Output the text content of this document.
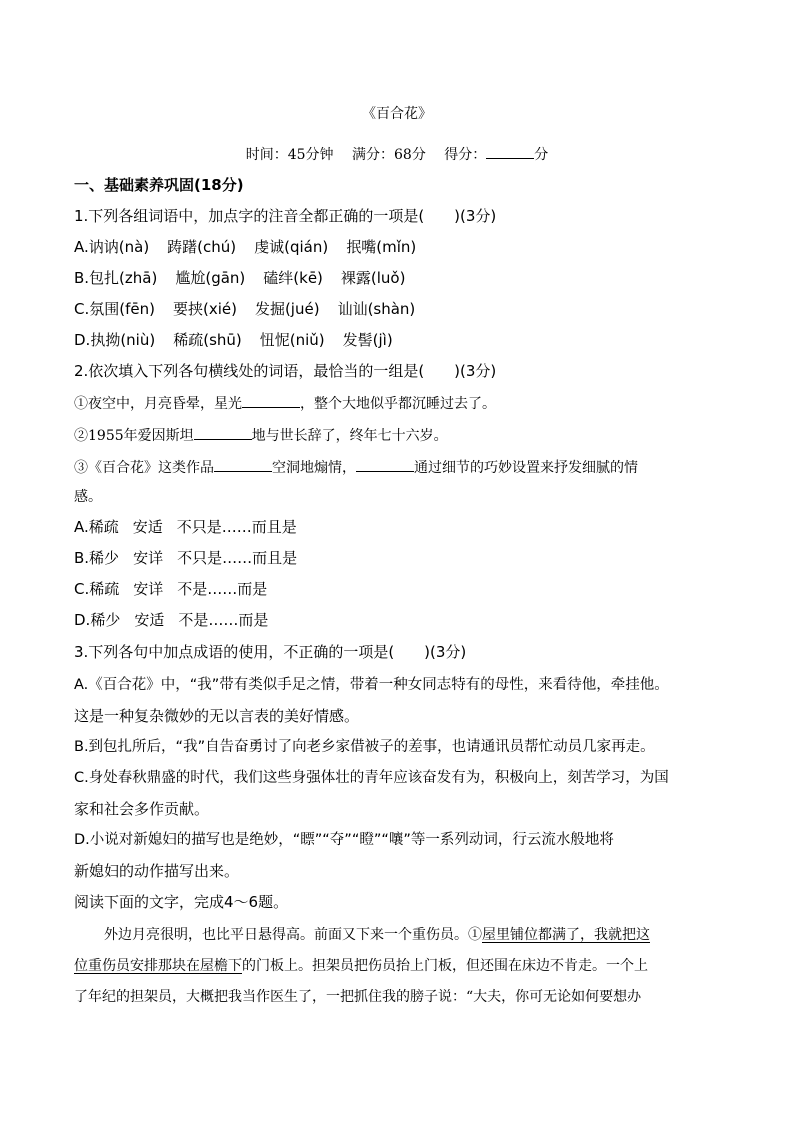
《百合花》
时间：45分钟　 满分：68分　 得分：	分
一、基础素养巩固(18分)
1.下列各组词语中，加点字的注音全都正确的一项是(　　)(3分)
A.讷讷(nà) 踌躇(chú) 虔诚(qián) 抿嘴(mǐn)
B.包扎(zhā) 尴尬(gān) 磕绊(kē) 裸露(luǒ)
C.氛围(fēn) 要挟(xié) 发掘(jué) 讪讪(shàn)
D.执拗(niù) 稀疏(shū) 忸怩(niǔ) 发髻(jì)
2.依次填入下列各句横线处的词语，最恰当的一组是(　　)(3分)
①夜空中，月亮昏晕，星光	，整个大地似乎都沉睡过去了。
②1955年爱因斯坦	地与世长辞了，终年七十六岁。
③《百合花》这类作品	空洞地煽情，	通过细节的巧妙设置来抒发细腻的情
感。
A.稀疏 安适 不只是……而且是
B.稀少 安详 不只是……而且是
C.稀疏 安详 不是……而是
D.稀少 安适 不是……而是
3.下列各句中加点成语的使用，不正确的一项是(　　)(3分)
A.《百合花》中，“我”带有类似手足之情，带着一种女同志特有的母性，来看待他，牵挂他。
这是一种复杂微妙的无以言表的美好情感。
B.到包扎所后，“我”自告奋勇讨了向老乡家借被子的差事，也请通讯员帮忙动员几家再走。
C.身处春秋鼎盛的时代，我们这些身强体壮的青年应该奋发有为，积极向上，刻苦学习，为国
家和社会多作贡献。
D.小说对新媳妇的描写也是绝妙，“瞟”“夺”“瞪”“嚷”等一系列动词，行云流水般地将
新媳妇的动作描写出来。
阅读下面的文字，完成4～6题。
外边月亮很明，也比平日悬得高。前面又下来一个重伤员。①屋里铺位都满了，我就把这
位重伤员安排那块在屋檐下的门板上。担架员把伤员抬上门板，但还围在床边不肯走。一个上
了年纪的担架员，大概把我当作医生了，一把抓住我的膀子说：“大夫，你可无论如何要想办
